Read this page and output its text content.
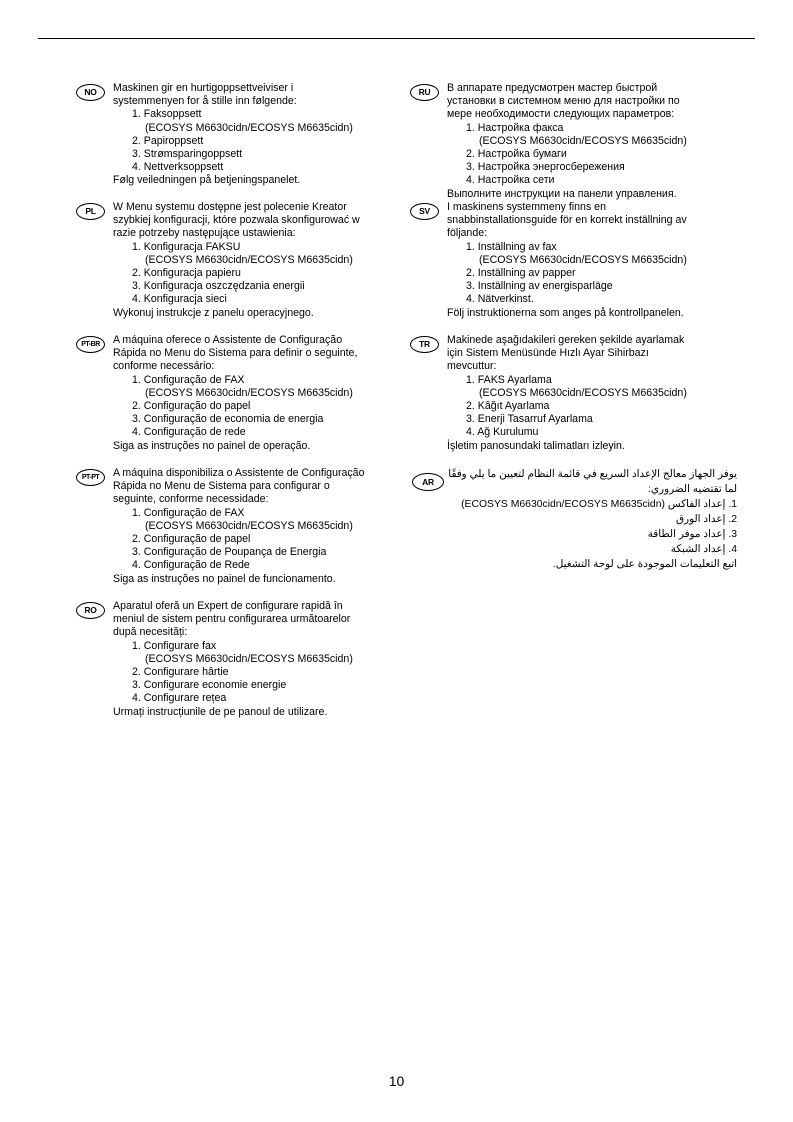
NO	Maskinen gir en hurtigoppsettveiviser i
systemmenyen for å stille inn følgende:
1. Faksoppsett
(ECOSYS M6630cidn/ECOSYS M6635cidn)
2. Papiroppsett
3. Strømsparingoppsett
4. Nettverksoppsett
Følg veiledningen på betjeningspanelet.
PL	W Menu systemu dostępne jest polecenie Kreator
szybkiej konfiguracji, które pozwala skonfigurować w
razie potrzeby następujące ustawienia:
1. Konfiguracja FAKSU
(ECOSYS M6630cidn/ECOSYS M6635cidn)
2. Konfiguracja papieru
3. Konfiguracja oszczędzania energii
4. Konfiguracja sieci
Wykonuj instrukcje z panelu operacyjnego.
PT-BR	A máquina oferece o Assistente de Configuração
Rápida no Menu do Sistema para definir o seguinte,
conforme necessário:
1. Configuração de FAX
(ECOSYS M6630cidn/ECOSYS M6635cidn)
2. Configuração do papel
3. Configuração de economia de energia
4. Configuração de rede
Siga as instruções no painel de operação.
PT-PT	A máquina disponibiliza o Assistente de Configuração
Rápida no Menu de Sistema para configurar o
seguinte, conforme necessidade:
1. Configuração de FAX
(ECOSYS M6630cidn/ECOSYS M6635cidn)
2. Configuração de papel
3. Configuração de Poupança de Energia
4. Configuração de Rede
Siga as instruções no painel de funcionamento.
RO	Aparatul oferă un Expert de configurare rapidă în
meniul de sistem pentru configurarea următoarelor
după necesități:
1. Configurare fax
(ECOSYS M6630cidn/ECOSYS M6635cidn)
2. Configurare hârtie
3. Configurare economie energie
4. Configurare rețea
Urmați instrucțiunile de pe panoul de utilizare.
RU	В аппарате предусмотрен мастер быстрой
установки в системном меню для настройки по
мере необходимости следующих параметров:
1. Настройка факса
(ECOSYS M6630cidn/ECOSYS M6635cidn)
2. Настройка бумаги
3. Настройка энергосбережения
4. Настройка сети
Выполните инструкции на панели управления.
SV	I maskinens systemmeny finns en
snabbinstallationsguide för en korrekt inställning av
följande:
1. Inställning av fax
(ECOSYS M6630cidn/ECOSYS M6635cidn)
2. Inställning av papper
3. Inställning av energisparläge
4. Nätverkinst.
Följ instruktionerna som anges på kontrollpanelen.
TR	Makinede aşağıdakileri gereken şekilde ayarlamak
için Sistem Menüsünde Hızlı Ayar Sihirbazı
mevcuttur:
1. FAKS Ayarlama
(ECOSYS M6630cidn/ECOSYS M6635cidn)
2. Kâğıt Ayarlama
3. Enerji Tasarruf Ayarlama
4. Ağ Kurulumu
İşletim panosundaki talimatları izleyin.
AR
يوفر الجهاز معالج الإعداد السريع في قائمة النظام لتعيين ما يلي وفقًا
لما تقتضيه الضروري:
1. إعداد الفاكس (ECOSYS M6630cidn/ECOSYS M6635cidn)
2. إعداد الورق
3. إعداد موفر الطاقة
4. إعداد الشبكة
اتبع التعليمات الموجودة على لوحة التشغيل.
10
